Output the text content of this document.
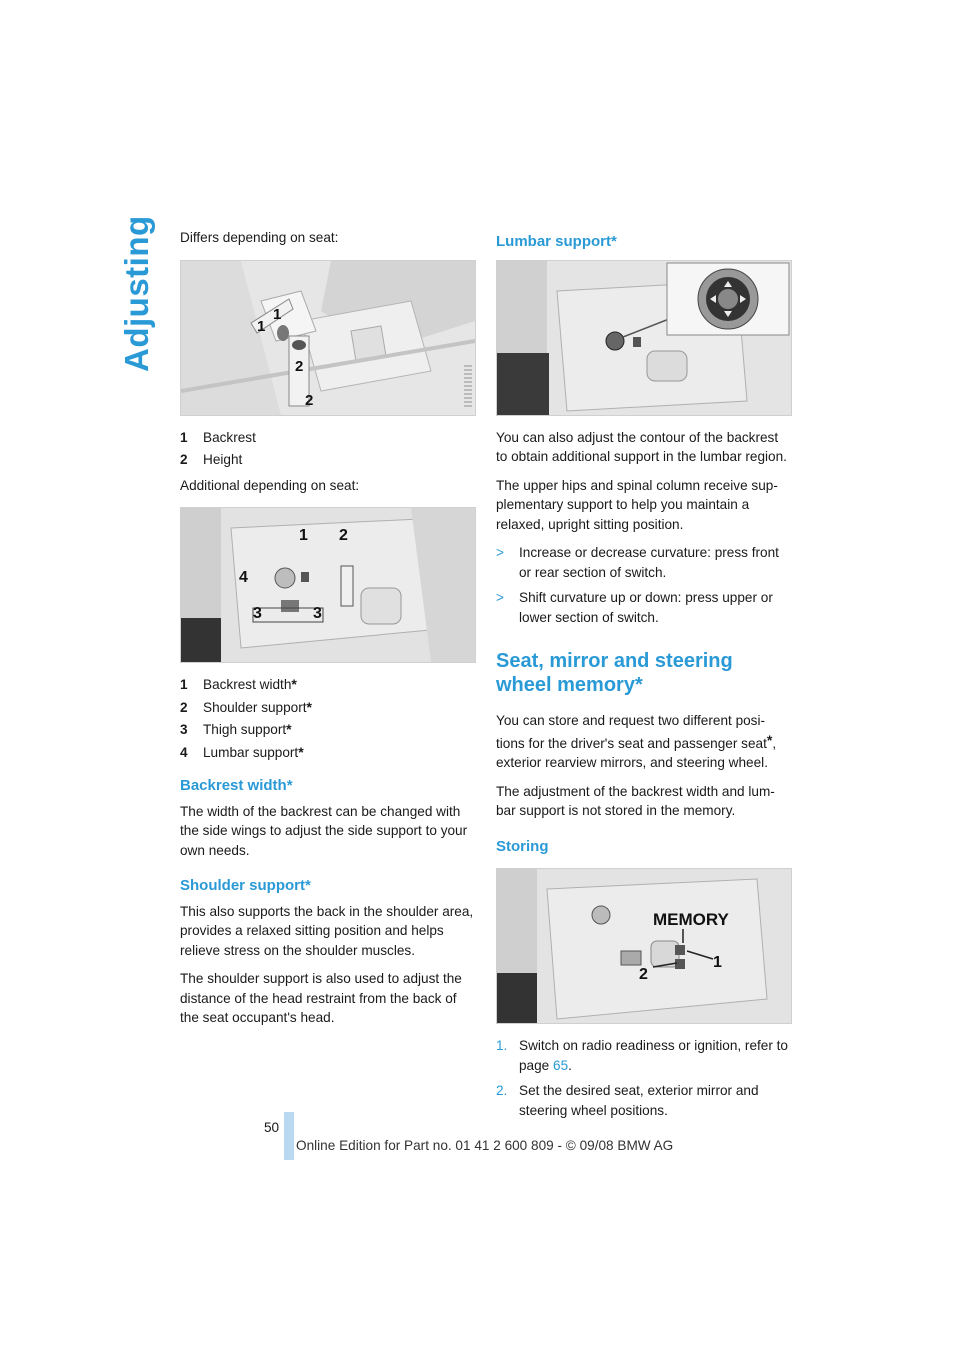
Adjusting Differs depending on seat:

1
1
2
2
1	Backrest
2	Height

Additional depending on seat:

1 2
4
3	3
1	Backrest width *
2	Shoulder support *
3	Thigh support *
4	Lumbar support *
Backrest width*

The width of the backrest can be changed with the side wings to adjust the side support to your own needs.

Shoulder support*

This also supports the back in the shoulder area, provides a relaxed sitting position and helps relieve stress on the shoulder muscles.

The shoulder support is also used to adjust the distance of the head restraint from the back of the seat occupant's head.

Lumbar support*

You can also adjust the contour of the backrest to obtain additional support in the lumbar region.

The upper hips and spinal column receive sup-plementary support to help you maintain a relaxed, upright sitting position.

>	Increase or decrease curvature: press front or rear section of switch.
>	Shift curvature up or down: press upper or lower section of switch.
Seat, mirror and steering wheel memory*

You can store and request two different posi-tions for the driver's seat and passenger seat*, exterior rearview mirrors, and steering wheel.

The adjustment of the backrest width and lum-bar support is not stored in the memory.

Storing
MEMORY
1
2
1. Switch on radio readiness or ignition, refer to page 65.
2. Set the desired seat, exterior mirror and steering wheel positions.
50
Online Edition for Part no. 01 41 2 600 809 - © 09/08 BMW AG
